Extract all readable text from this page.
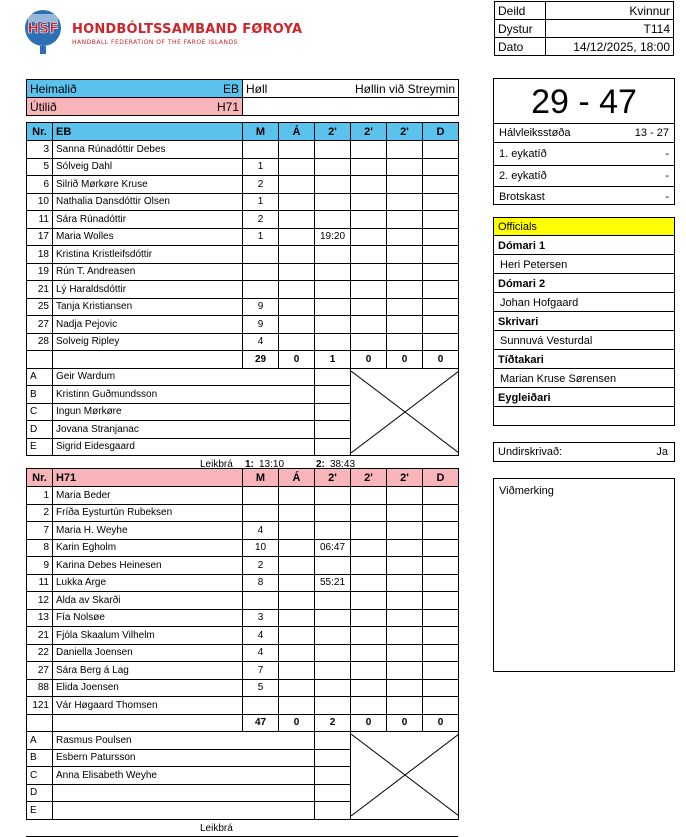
HSF HONDBÓLTSSAMBAND FØROYA
HANDBALL FEDERATION OF THE FAROE ISLANDS
Deild	Kvinnur
Dystur	T114
Dato	14/12/2025, 18:00
Heimalið EB	Høll Høllin við Streymin

Útilið H71	
		29 - 47
Hálvleiksstøða	13 - 27
1. eykatíð	-
2. eykatíð	-
Brotskast	-
Officials
Dómari 1
Heri Petersen
Dómari 2
Johan Hofgaard
Skrivari
Sunnuvá Vesturdal
Tíðtakari
Marian Kruse Sørensen
Eygleiðari
Undirskrivað:	Ja
Viðmerking
Nr.	EB	M	Á	2'	2'	2'	D
3	Sanna Rúnadóttir Debes						
5	Sólveig Dahl	1					
6	Silrið Mørkøre Kruse	2					
10	Nathalia Dansdóttir Olsen	1					
11	Sára Rúnadóttir	2					
17	Maria Wolles	1		19:20			
18	Kristina Kristleifsdóttir						
19	Rún T. Andreasen						
21	Lý Haraldsdóttir						
25	Tanja Kristiansen	9					
27	Nadja Pejovic	9					
28	Solveig Ripley	4					
		29	0	1	0	0	0
A	Geir Wardum		

B	Kristinn Guðmundsson						
C	Ingun Mørkøre						
D	Jovana Stranjanac						
E	Sigrid Eidesgaard						
Leikbrá 1: 13:10	2: 38:43
Nr.	H71	M	Á	2'	2'	2'	D
1	Maria Beder						
2	Fríða Eysturtún Rubeksen						
7	Maria H. Weyhe	4					
8	Karin Egholm	10		06:47			
9	Karina Debes Heinesen	2					
11	Lukka Arge	8		55:21			
12	Alda av Skarði						
13	Fía Nolsøe	3					
21	Fjóla Skaalum Vilhelm	4					
22	Daniella Joensen	4					
27	Sára Berg á Lag	7					
88	Elida Joensen	5					
121	Vár Høgaard Thomsen						
		47	0	2	0	0	0
A	Rasmus Poulsen		

B	Esbern Patursson						
C	Anna Elisabeth Weyhe						
D							
E							
Leikbrá
